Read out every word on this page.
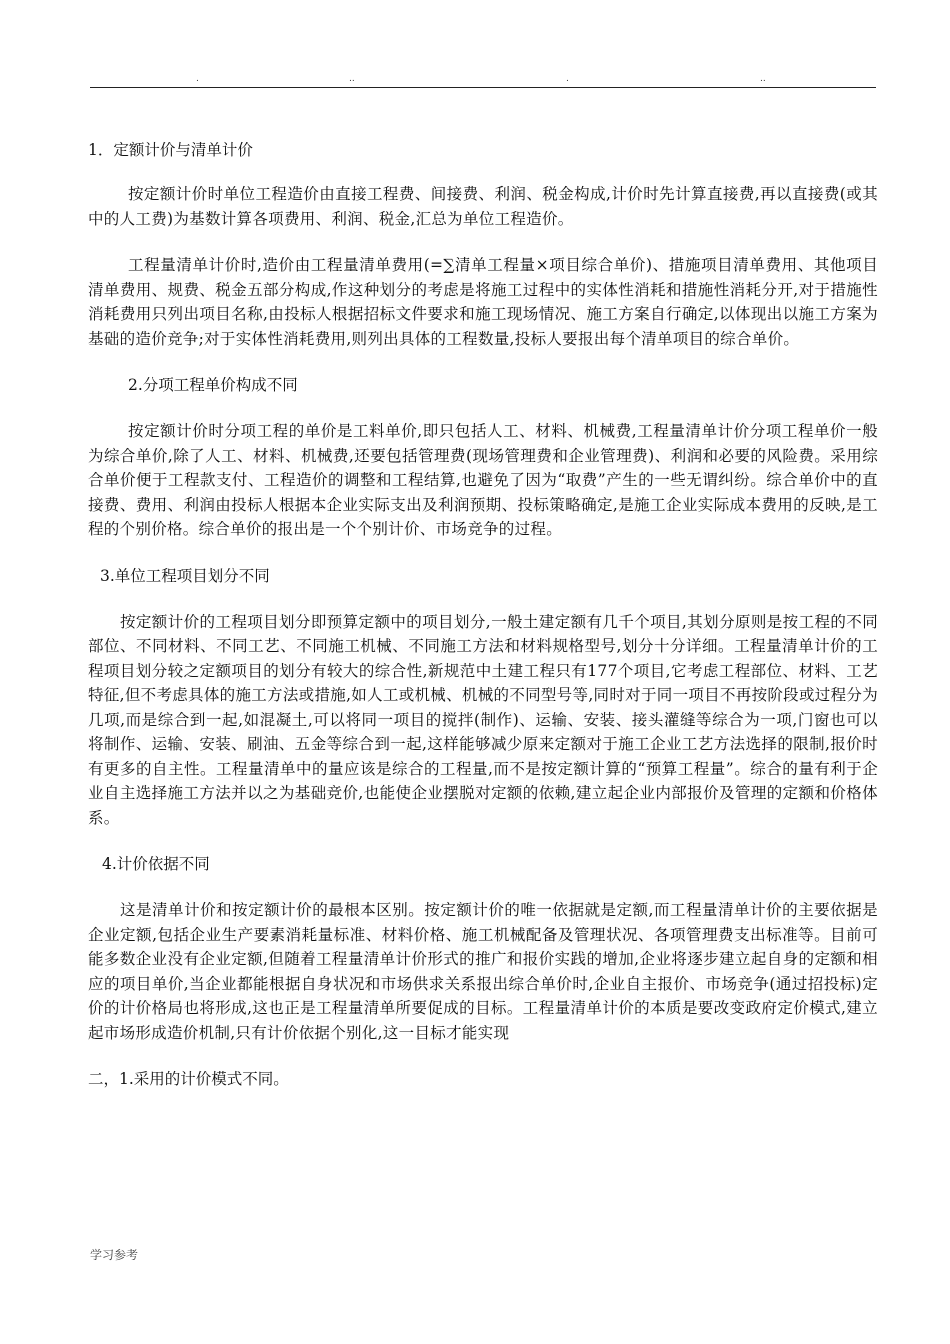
.	..	.	..

1．定额计价与清单计价

按定额计价时单位工程造价由直接工程费、间接费、利润、税金构成,计价时先计算直接费,再以直接费(或其中的人工费)为基数计算各项费用、利润、税金,汇总为单位工程造价。

工程量清单计价时,造价由工程量清单费用(=∑清单工程量×项目综合单价)、措施项目清单费用、其他项目清单费用、规费、税金五部分构成,作这种划分的考虑是将施工过程中的实体性消耗和措施性消耗分开,对于措施性消耗费用只列出项目名称,由投标人根据招标文件要求和施工现场情况、施工方案自行确定,以体现出以施工方案为基础的造价竞争;对于实体性消耗费用,则列出具体的工程数量,投标人要报出每个清单项目的综合单价。

2.分项工程单价构成不同

按定额计价时分项工程的单价是工料单价,即只包括人工、材料、机械费,工程量清单计价分项工程单价一般为综合单价,除了人工、材料、机械费,还要包括管理费(现场管理费和企业管理费)、利润和必要的风险费。采用综合单价便于工程款支付、工程造价的调整和工程结算,也避免了因为“取费”产生的一些无谓纠纷。综合单价中的直接费、费用、利润由投标人根据本企业实际支出及利润预期、投标策略确定,是施工企业实际成本费用的反映,是工程的个别价格。综合单价的报出是一个个别计价、市场竞争的过程。

3.单位工程项目划分不同

按定额计价的工程项目划分即预算定额中的项目划分,一般土建定额有几千个项目,其划分原则是按工程的不同部位、不同材料、不同工艺、不同施工机械、不同施工方法和材料规格型号,划分十分详细。工程量清单计价的工程项目划分较之定额项目的划分有较大的综合性,新规范中土建工程只有177个项目,它考虑工程部位、材料、工艺特征,但不考虑具体的施工方法或措施,如人工或机械、机械的不同型号等,同时对于同一项目不再按阶段或过程分为几项,而是综合到一起,如混凝土,可以将同一项目的搅拌(制作)、运输、安装、接头灌缝等综合为一项,门窗也可以将制作、运输、安装、刷油、五金等综合到一起,这样能够减少原来定额对于施工企业工艺方法选择的限制,报价时有更多的自主性。工程量清单中的量应该是综合的工程量,而不是按定额计算的“预算工程量”。综合的量有利于企业自主选择施工方法并以之为基础竞价,也能使企业摆脱对定额的依赖,建立起企业内部报价及管理的定额和价格体系。

4.计价依据不同

这是清单计价和按定额计价的最根本区别。按定额计价的唯一依据就是定额,而工程量清单计价的主要依据是企业定额,包括企业生产要素消耗量标准、材料价格、施工机械配备及管理状况、各项管理费支出标准等。目前可能多数企业没有企业定额,但随着工程量清单计价形式的推广和报价实践的增加,企业将逐步建立起自身的定额和相应的项目单价,当企业都能根据自身状况和市场供求关系报出综合单价时,企业自主报价、市场竞争(通过招投标)定价的计价格局也将形成,这也正是工程量清单所要促成的目标。工程量清单计价的本质是要改变政府定价模式,建立起市场形成造价机制,只有计价依据个别化,这一目标才能实现

二，1.采用的计价模式不同。

学习参考
